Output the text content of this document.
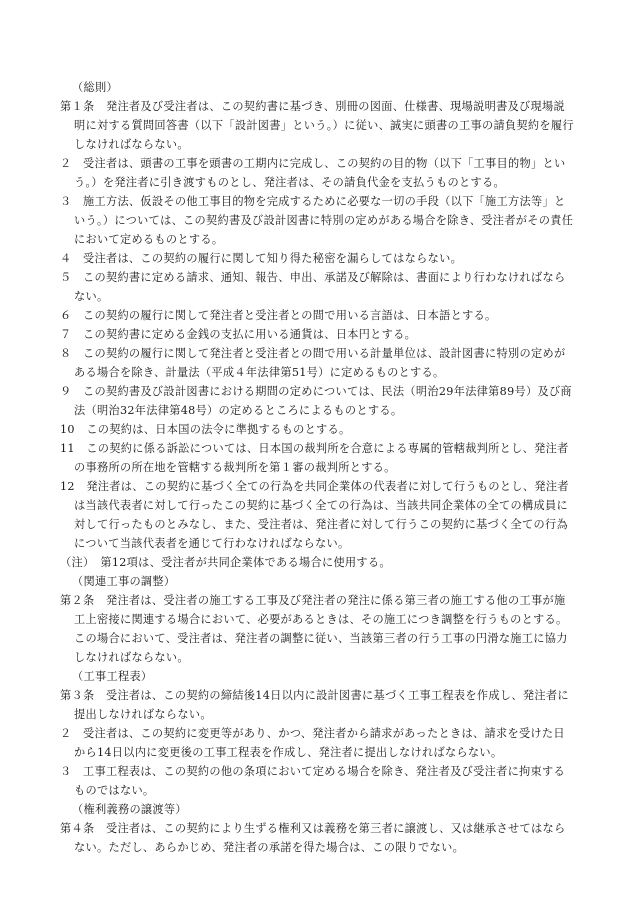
（総則）
第１条　発注者及び受注者は、この契約書に基づき、別冊の図面、仕様書、現場説明書及び現場説明に対する質問回答書（以下「設計図書」という。）に従い、誠実に頭書の工事の請負契約を履行しなければならない。
２　受注者は、頭書の工事を頭書の工期内に完成し、この契約の目的物（以下「工事目的物」という。）を発注者に引き渡すものとし、発注者は、その請負代金を支払うものとする。
３　施工方法、仮設その他工事目的物を完成するために必要な一切の手段（以下「施工方法等」という。）については、この契約書及び設計図書に特別の定めがある場合を除き、受注者がその責任において定めるものとする。
４　受注者は、この契約の履行に関して知り得た秘密を漏らしてはならない。
５　この契約書に定める請求、通知、報告、申出、承諾及び解除は、書面により行わなければならない。
６　この契約の履行に関して発注者と受注者との間で用いる言語は、日本語とする。
７　この契約書に定める金銭の支払に用いる通貨は、日本円とする。
８　この契約の履行に関して発注者と受注者との間で用いる計量単位は、設計図書に特別の定めがある場合を除き、計量法（平成４年法律第51号）に定めるものとする。
９　この契約書及び設計図書における期間の定めについては、民法（明治29年法律第89号）及び商法（明治32年法律第48号）の定めるところによるものとする。
10　この契約は、日本国の法令に準拠するものとする。
11　この契約に係る訴訟については、日本国の裁判所を合意による専属的管轄裁判所とし、発注者の事務所の所在地を管轄する裁判所を第１審の裁判所とする。
12　発注者は、この契約に基づく全ての行為を共同企業体の代表者に対して行うものとし、発注者は当該代表者に対して行ったこの契約に基づく全ての行為は、当該共同企業体の全ての構成員に対して行ったものとみなし、また、受注者は、発注者に対して行うこの契約に基づく全ての行為について当該代表者を通じて行わなければならない。
（注）　第12項は、受注者が共同企業体である場合に使用する。
（関連工事の調整）
第２条　発注者は、受注者の施工する工事及び発注者の発注に係る第三者の施工する他の工事が施工上密接に関連する場合において、必要があるときは、その施工につき調整を行うものとする。この場合において、受注者は、発注者の調整に従い、当該第三者の行う工事の円滑な施工に協力しなければならない。
（工事工程表）
第３条　受注者は、この契約の締結後14日以内に設計図書に基づく工事工程表を作成し、発注者に提出しなければならない。
２　受注者は、この契約に変更等があり、かつ、発注者から請求があったときは、請求を受けた日から14日以内に変更後の工事工程表を作成し、発注者に提出しなければならない。
３　工事工程表は、この契約の他の条項において定める場合を除き、発注者及び受注者に拘束するものではない。
（権利義務の譲渡等）
第４条　受注者は、この契約により生ずる権利又は義務を第三者に譲渡し、又は継承させてはならない。ただし、あらかじめ、発注者の承諾を得た場合は、この限りでない。
